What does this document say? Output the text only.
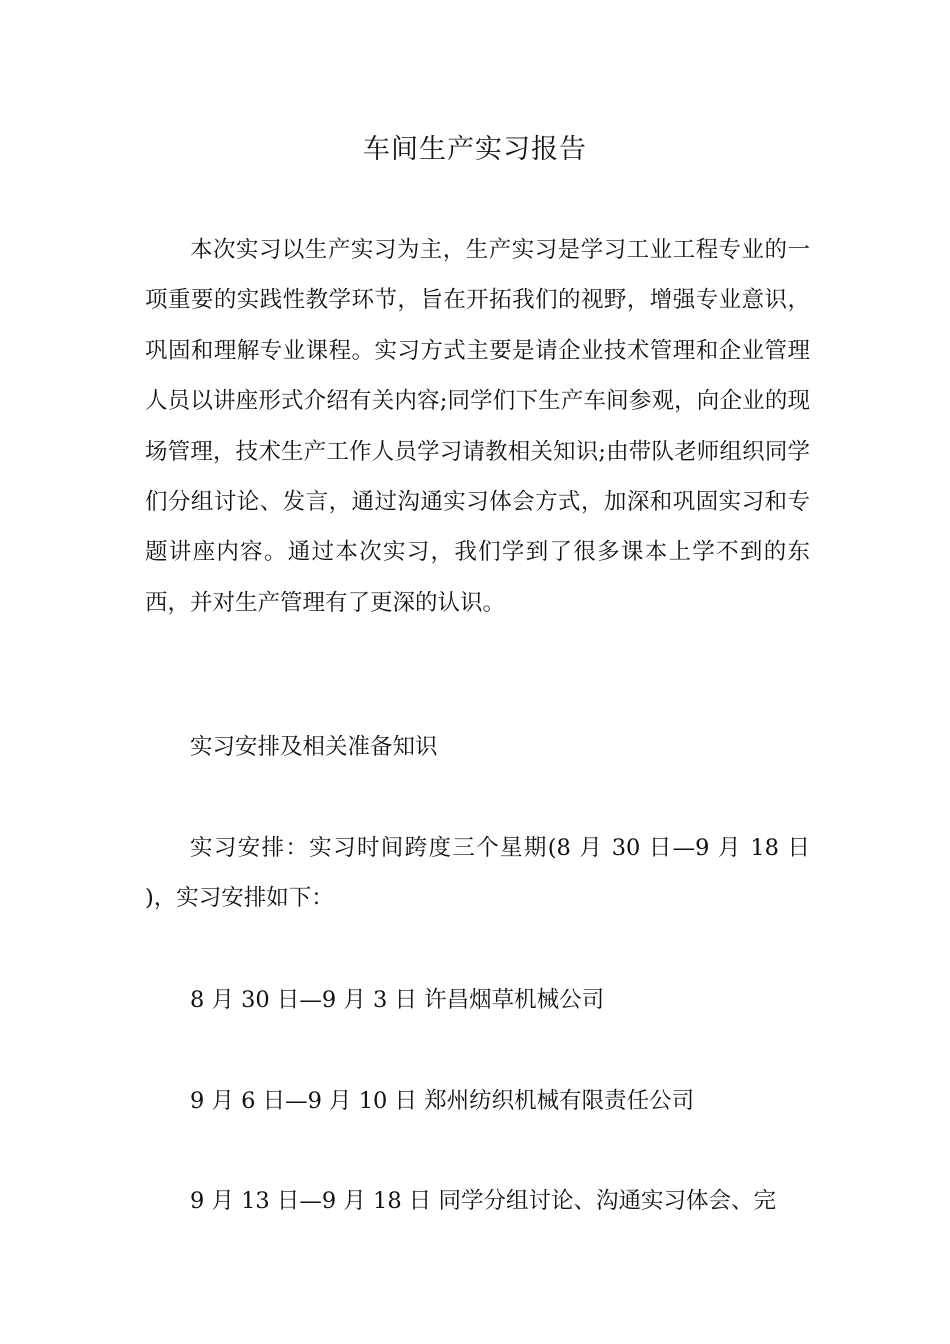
车间生产实习报告

本次实习以生产实习为主，生产实习是学习工业工程专业的一项重要的实践性教学环节，旨在开拓我们的视野，增强专业意识，巩固和理解专业课程。实习方式主要是请企业技术管理和企业管理人员以讲座形式介绍有关内容;同学们下生产车间参观，向企业的现场管理，技术生产工作人员学习请教相关知识;由带队老师组织同学们分组讨论、发言，通过沟通实习体会方式，加深和巩固实习和专题讲座内容。通过本次实习，我们学到了很多课本上学不到的东西，并对生产管理有了更深的认识。

实习安排及相关准备知识

实习安排：实习时间跨度三个星期(8 月 30 日—9 月 18 日 )，实习安排如下：

8 月 30 日—9 月 3 日 许昌烟草机械公司

9 月 6 日—9 月 10 日 郑州纺织机械有限责任公司

9 月 13 日—9 月 18 日 同学分组讨论、沟通实习体会、完
